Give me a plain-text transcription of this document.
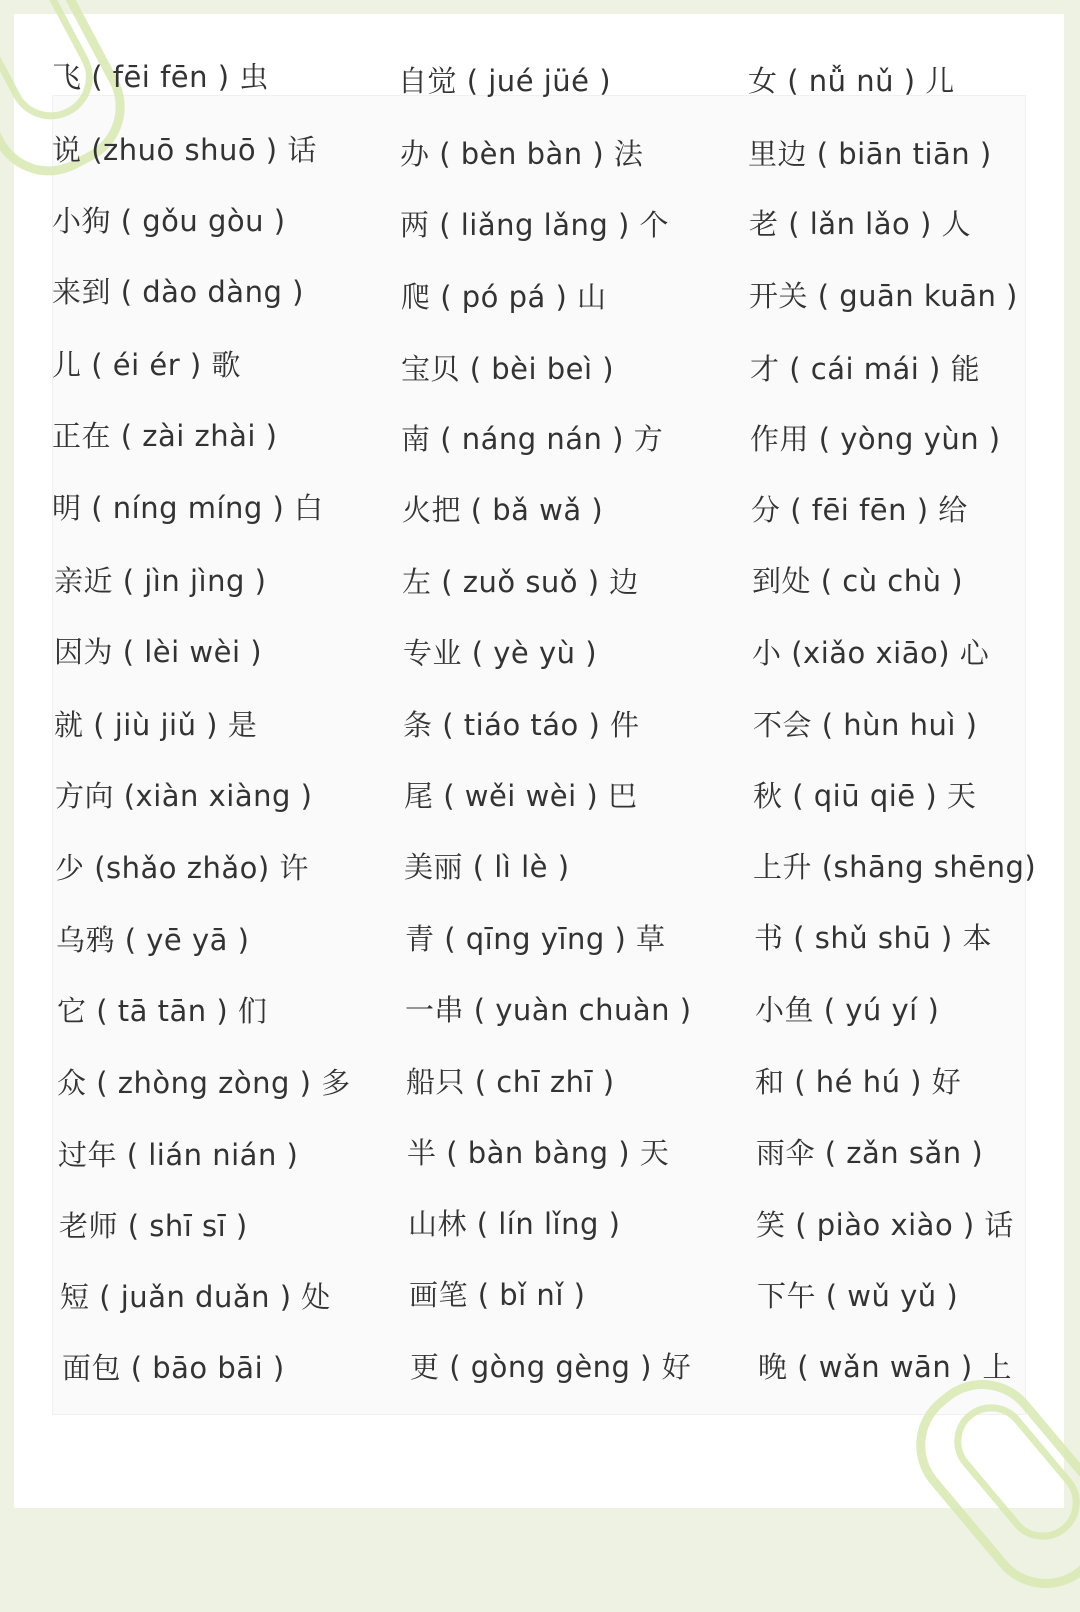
飞 ( fēi fēn ) 虫
说 (zhuō shuō ) 话
小狗 ( gǒu gòu )
来到 ( dào dàng )
儿 ( éi ér ) 歌
正在 ( zài zhài )
明 ( níng míng ) 白
亲近 ( jìn jìng )
因为 ( lèi wèi )
就 ( jiù jiǔ ) 是
方向 (xiàn xiàng )
少 (shǎo zhǎo) 许
乌鸦 ( yē yā )
它 ( tā tān ) 们
众 ( zhòng zòng ) 多
过年 ( lián nián )
老师 ( shī sī )
短 ( juǎn duǎn ) 处
面包 ( bāo bāi )
自觉 ( jué jüé )
办 ( bèn bàn ) 法
两 ( liǎng lǎng ) 个
爬 ( pó pá ) 山
宝贝 ( bèi beì )
南 ( náng nán ) 方
火把 ( bǎ wǎ )
左 ( zuǒ suǒ ) 边
专业 ( yè yù )
条 ( tiáo táo ) 件
尾 ( wěi wèi ) 巴
美丽 ( lì lè )
青 ( qīng yīng ) 草
一串 ( yuàn chuàn )
船只 ( chī zhī )
半 ( bàn bàng ) 天
山林 ( lín lǐng )
画笔 ( bǐ nǐ )
更 ( gòng gèng ) 好
女 ( nǚ nǔ ) 儿
里边 ( biān tiān )
老 ( lǎn lǎo ) 人
开关 ( guān kuān )
才 ( cái mái ) 能
作用 ( yòng yùn )
分 ( fēi fēn ) 给
到处 ( cù chù )
小 (xiǎo xiāo) 心
不会 ( hùn huì )
秋 ( qiū qiē ) 天
上升 (shāng shēng)
书 ( shǔ shū ) 本
小鱼 ( yú yí )
和 ( hé hú ) 好
雨伞 ( zǎn sǎn )
笑 ( piào xiào ) 话
下午 ( wǔ yǔ )
晚 ( wǎn wān ) 上
